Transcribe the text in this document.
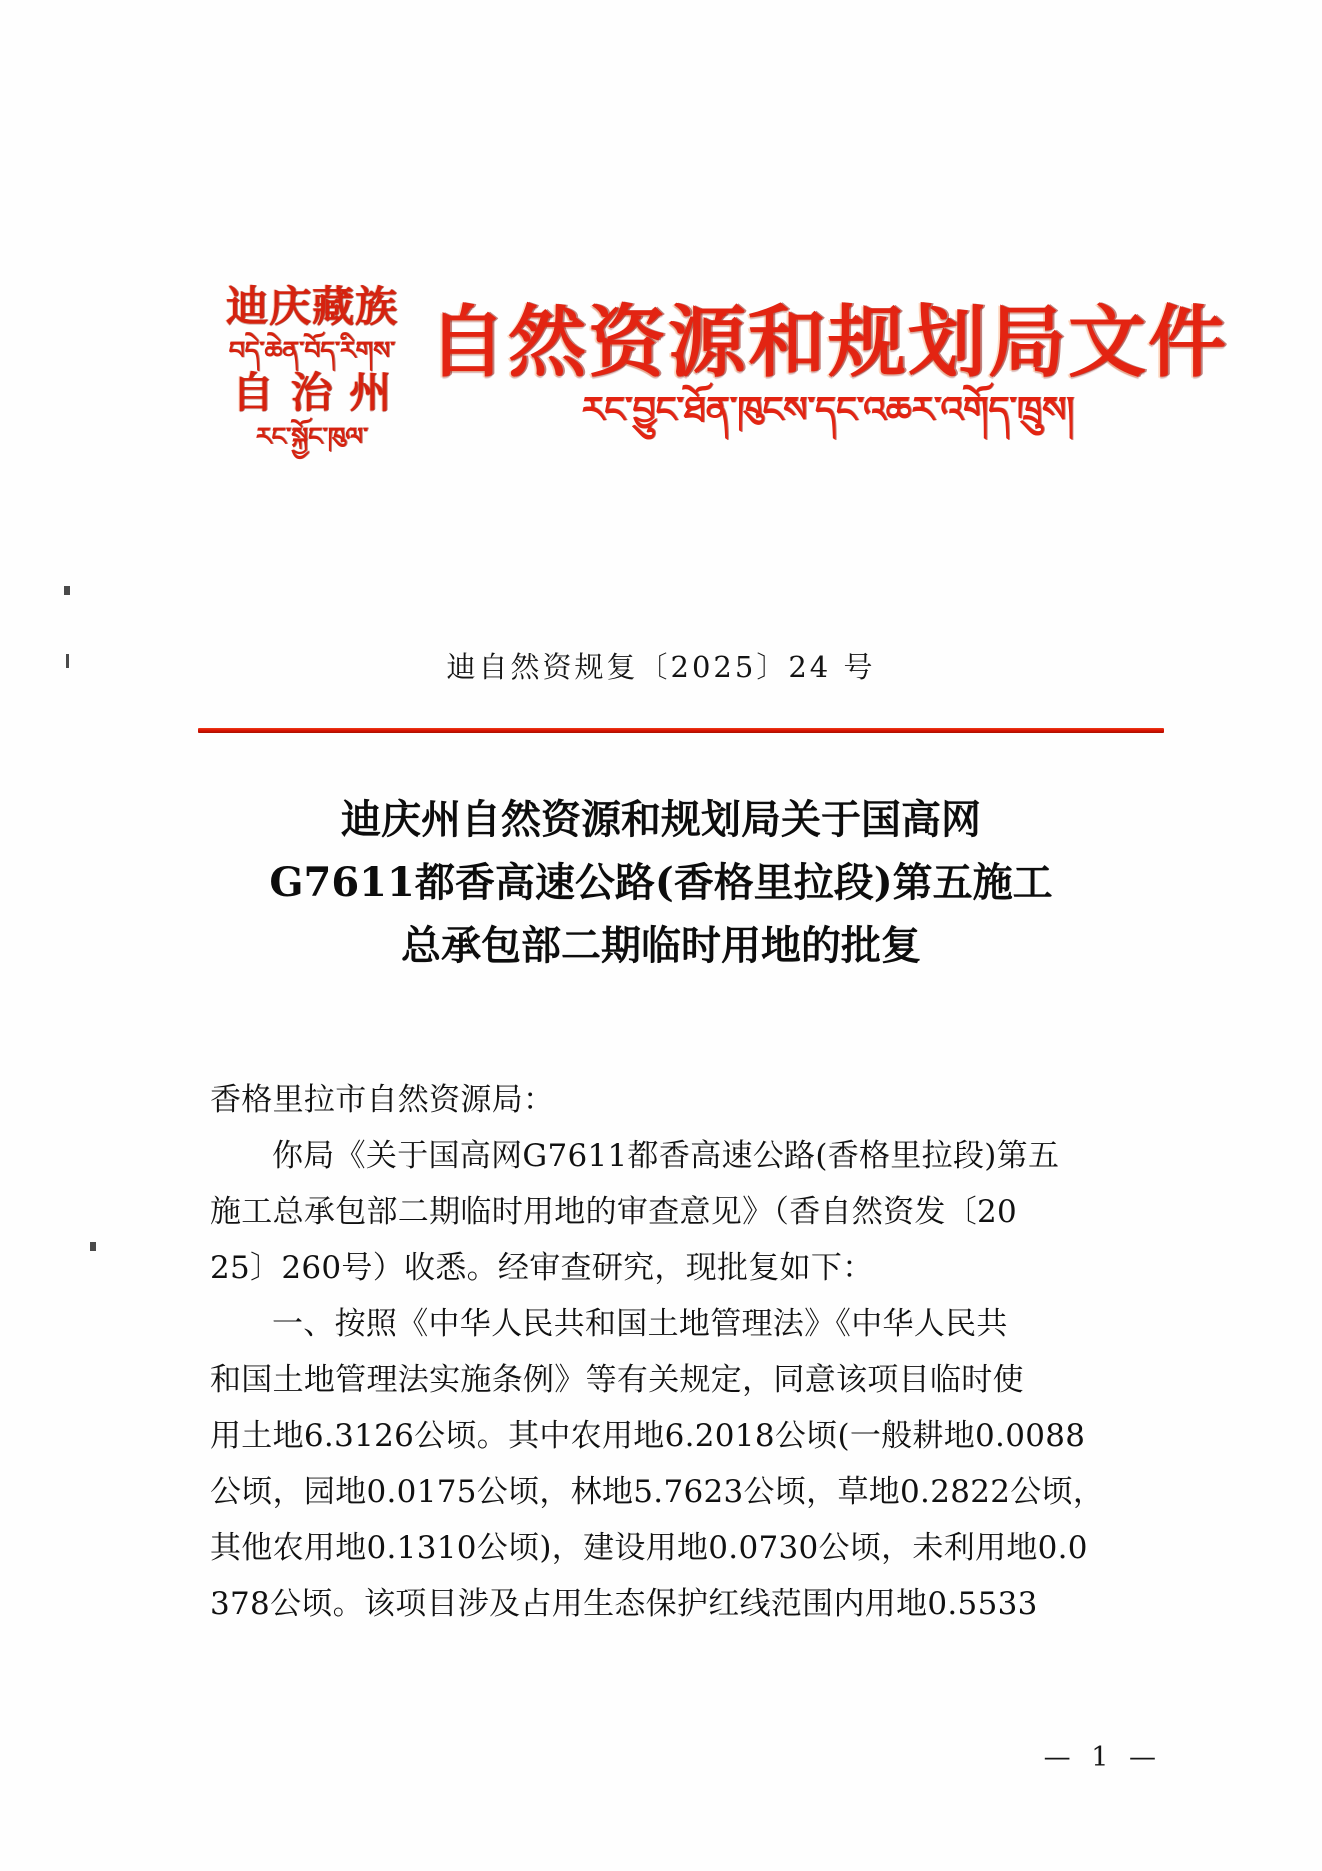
迪庆藏族
བདེ་ཆེན་བོད་རིགས་
自 治 州
རང་སྐྱོང་ཁུལ་
自然资源和规划局文件
རང་བྱུང་ཐོན་ཁུངས་དང་འཆར་འགོད་ཁྲུས།
迪自然资规复〔2025〕24 号
迪庆州自然资源和规划局关于国高网
G7611都香高速公路(香格里拉段)第五施工
总承包部二期临时用地的批复
香格里拉市自然资源局：
你局《关于国高网G7611都香高速公路(香格里拉段)第五
施工总承包部二期临时用地的审查意见》（香自然资发〔20
25〕260号）收悉。经审查研究，现批复如下：
一、按照《中华人民共和国土地管理法》《中华人民共
和国土地管理法实施条例》等有关规定，同意该项目临时使
用土地6.3126公顷。其中农用地6.2018公顷(一般耕地0.0088
公顷，园地0.0175公顷，林地5.7623公顷，草地0.2822公顷，
其他农用地0.1310公顷)，建设用地0.0730公顷，未利用地0.0
378公顷。该项目涉及占用生态保护红线范围内用地0.5533
— 1 —
